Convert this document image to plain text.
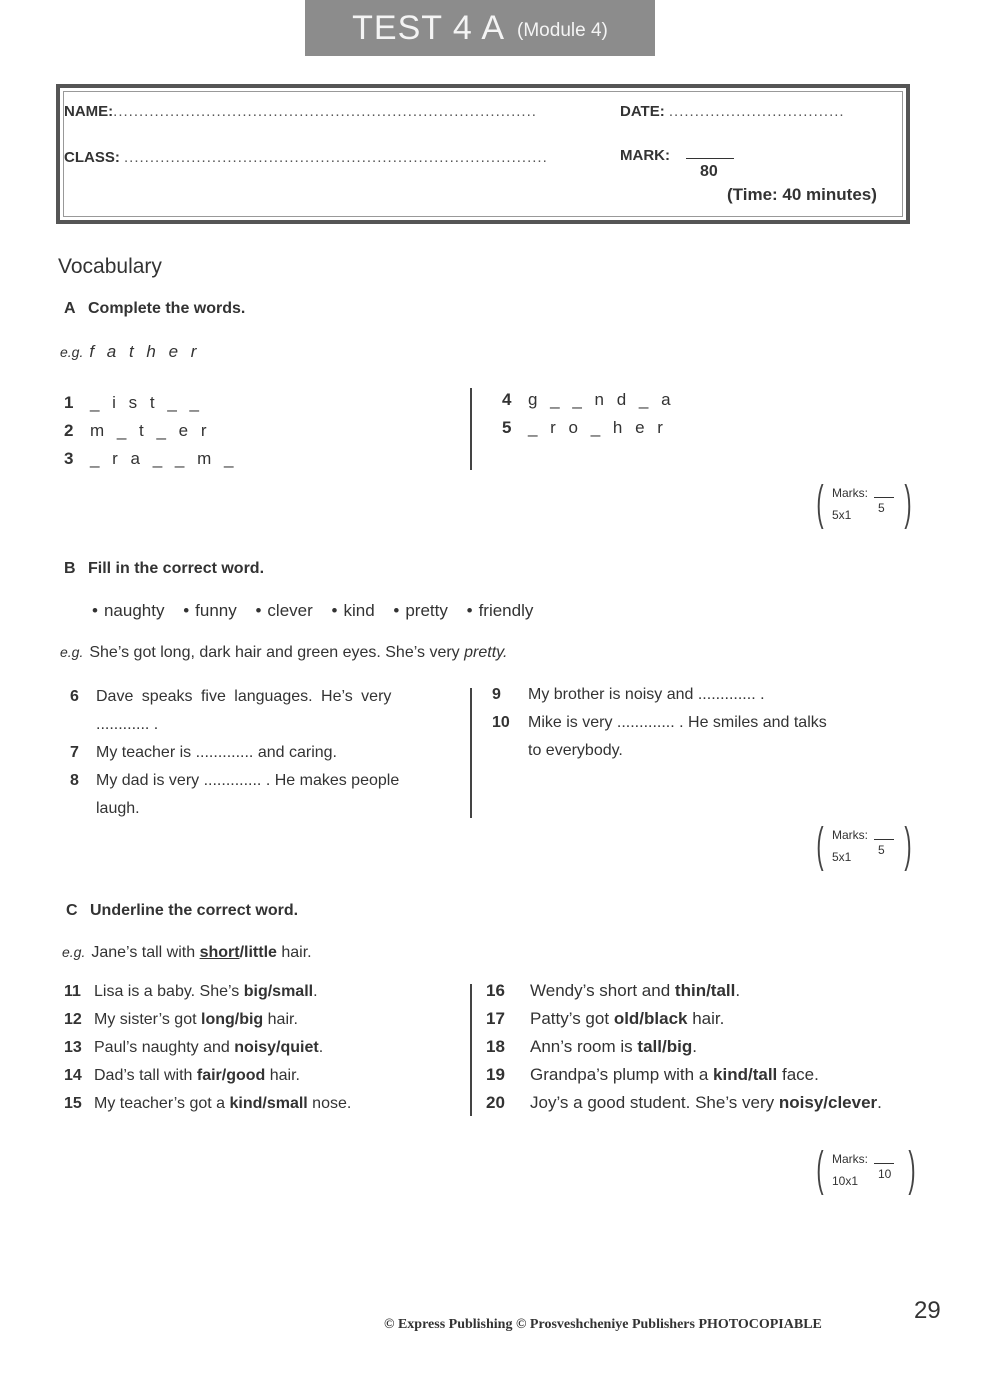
TEST 4 A (Module 4)
NAME:..................................................................................	DATE: ..................................
CLASS: ..................................................................................	MARK:
80
(Time: 40 minutes)
Vocabulary
A Complete the words.
e.g. f a t h e r
1 _ i s t _ _
2 m _ t _ e r
3 _ r a _ _ m _
4 g _ _ n d _ a
5 _ r o _ h e r
( Marks:
5
5x1 )
B Fill in the correct word.
• naughty • funny • clever • kind • pretty • friendly
e.g. She’s got long, dark hair and green eyes. She’s very pretty.
6 Dave speaks five languages. He’s very
............ .
7 My teacher is ............. and caring.
8 My dad is very ............. . He makes people
laugh.
9 My brother is noisy and ............. .
10 Mike is very ............. . He smiles and talks
to everybody.
( Marks:
5
5x1 )
C Underline the correct word.
e.g. Jane’s tall with short/little hair.
11 Lisa is a baby. She’s big/small.
12 My sister’s got long/big hair.
13 Paul’s naughty and noisy/quiet.
14 Dad’s tall with fair/good hair.
15 My teacher’s got a kind/small nose.
16 Wendy’s short and thin/tall.
17 Patty’s got old/black hair.
18 Ann’s room is tall/big.
19 Grandpa’s plump with a kind/tall face.
20 Joy’s a good student. She’s very noisy/clever.
( Marks:
10
10x1 )
© Express Publishing © Prosveshcheniye Publishers PHOTOCOPIABLE
29
